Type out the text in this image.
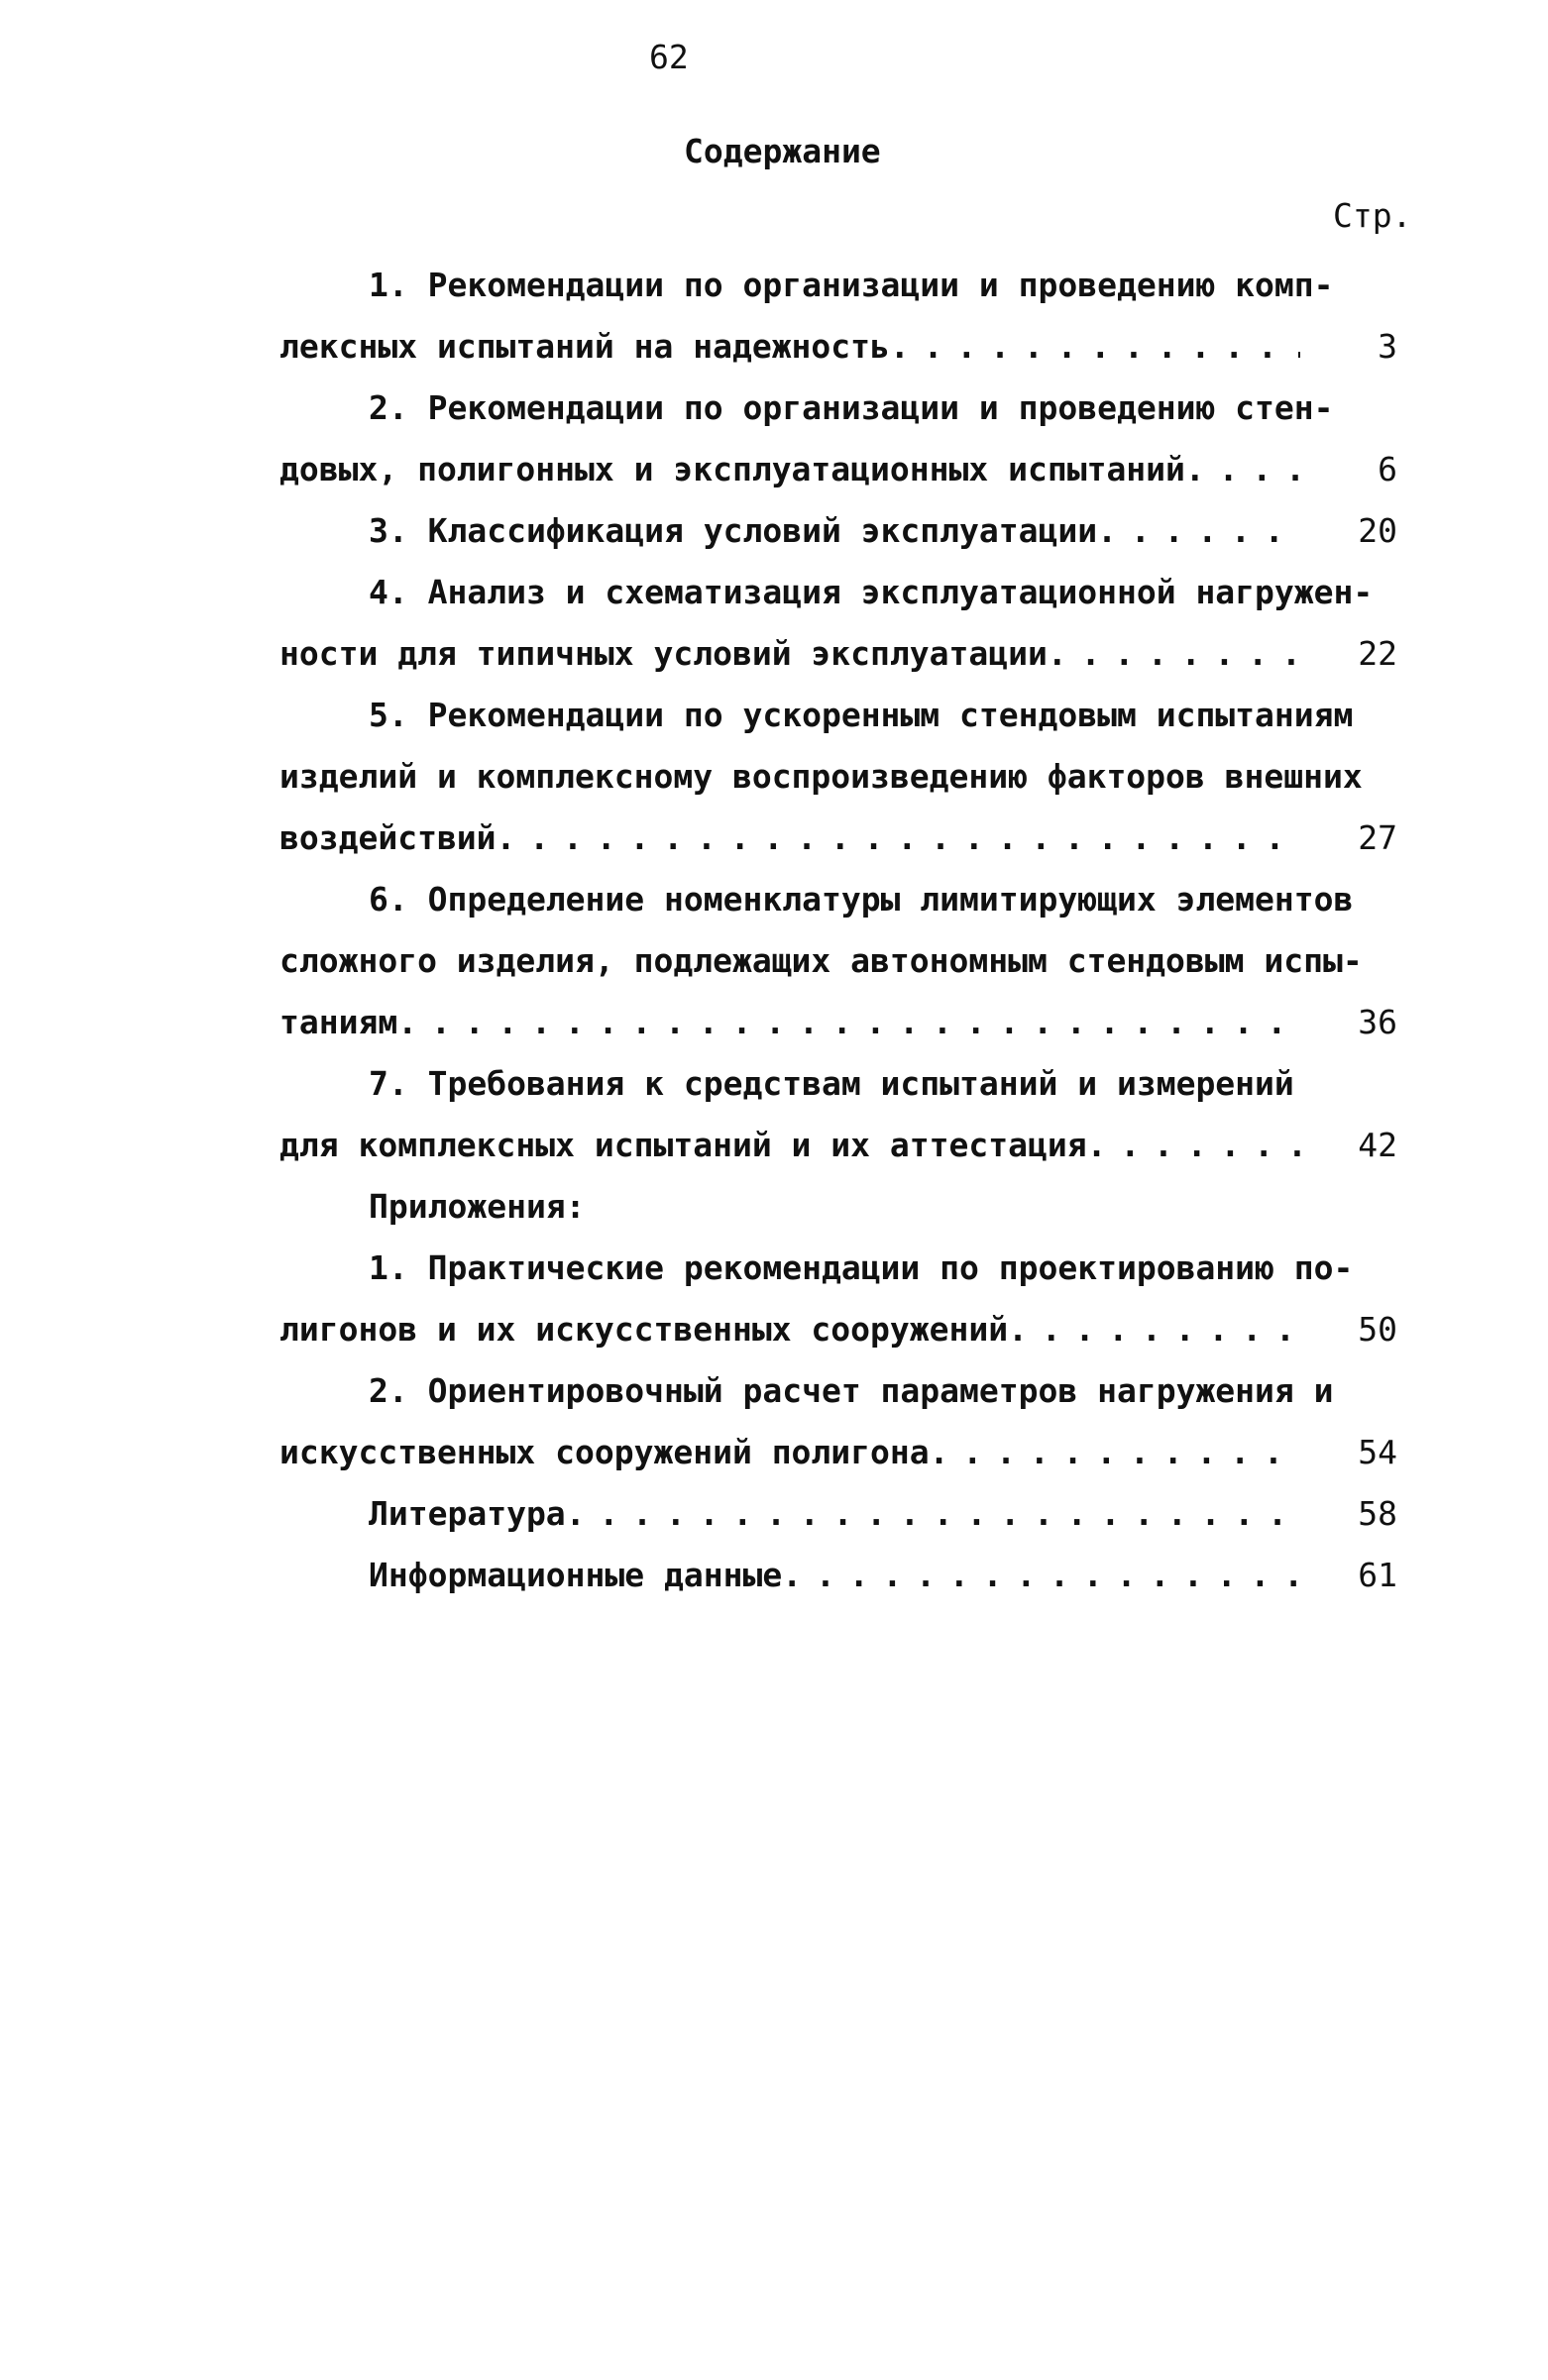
62
Содержание
Стр.
1. Рекомендации по организации и проведению комп-
лексных испытаний на надежность . . .	3
2. Рекомендации по организации и проведению стен-
довых, полигонных и эксплуатационных испытаний . . .	6
3. Классификация условий эксплуатации . . .	20
4. Анализ и схематизация эксплуатационной нагружен-
ности для типичных условий эксплуатации . . .	22
5. Рекомендации по ускоренным стендовым испытаниям
изделий и комплексному воспроизведению факторов внешних
воздействий . . .	27
6. Определение номенклатуры лимитирующих элементов
сложного изделия, подлежащих автономным стендовым испы-
таниям . . .	36
7. Требования к средствам испытаний и измерений
для комплексных испытаний и их аттестация . . .	42
Приложения:
1. Практические рекомендации по проектированию по-
лигонов и их искусственных сооружений . . .	50
2. Ориентировочный расчет параметров нагружения и
искусственных сооружений полигона . . .	54
Литература . . .	58
Информационные данные . . .	61
